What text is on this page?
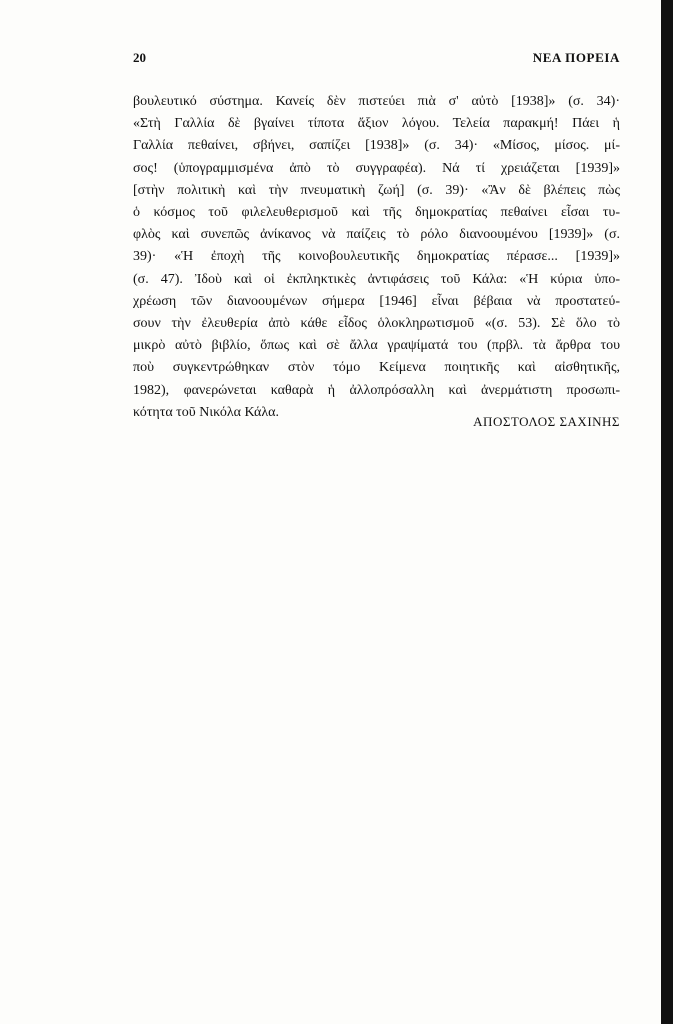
20	ΝΕΑ ΠΟΡΕΙΑ
βουλευτικό σύστημα. Κανείς δὲν πιστεύει πιὰ σ' αὐτὸ [1938]» (σ. 34)·
«Στὴ Γαλλία δὲ βγαίνει τίποτα ἄξιον λόγου. Τελεία παρακμή! Πάει ἡ
Γαλλία πεθαίνει, σβήνει, σαπίζει [1938]» (σ. 34)· «Μίσος, μίσος. μί-
σος! (ὑπογραμμισμένα ἀπὸ τὸ συγγραφέα). Νά τί χρειάζεται [1939]»
[στὴν πολιτικὴ καὶ τὴν πνευματικὴ ζωή] (σ. 39)· «Ἂν δὲ βλέπεις πὼς
ὁ κόσμος τοῦ φιλελευθερισμοῦ καὶ τῆς δημοκρατίας πεθαίνει εἶσαι τυ-
φλὸς καὶ συνεπῶς ἀνίκανος νὰ παίζεις τὸ ρόλο διανοουμένου [1939]» (σ.
39)· «Ἡ ἐποχὴ τῆς κοινοβουλευτικῆς δημοκρατίας πέρασε... [1939]»
(σ. 47). Ἰδοὺ καὶ οἱ ἐκπληκτικὲς ἀντιφάσεις τοῦ Κάλα: «Ἡ κύρια ὑπο-
χρέωση τῶν διανοουμένων σήμερα [1946] εἶναι βέβαια νὰ προστατεύ-
σουν τὴν ἐλευθερία ἀπὸ κάθε εἶδος ὁλοκληρωτισμοῦ «(σ. 53). Σὲ ὅλο τὸ
μικρὸ αὐτὸ βιβλίο, ὅπως καὶ σὲ ἄλλα γραψίματά του (πρβλ. τὰ ἄρθρα του
ποὺ συγκεντρώθηκαν στὸν τόμο Κείμενα ποιητικῆς καὶ αἰσθητικῆς,
1982), φανερώνεται καθαρὰ ἡ ἀλλοπρόσαλλη καὶ ἀνερμάτιστη προσωπι-
κότητα τοῦ Νικόλα Κάλα.
ΑΠΟΣΤΟΛΟΣ ΣΑΧΙΝΗΣ
